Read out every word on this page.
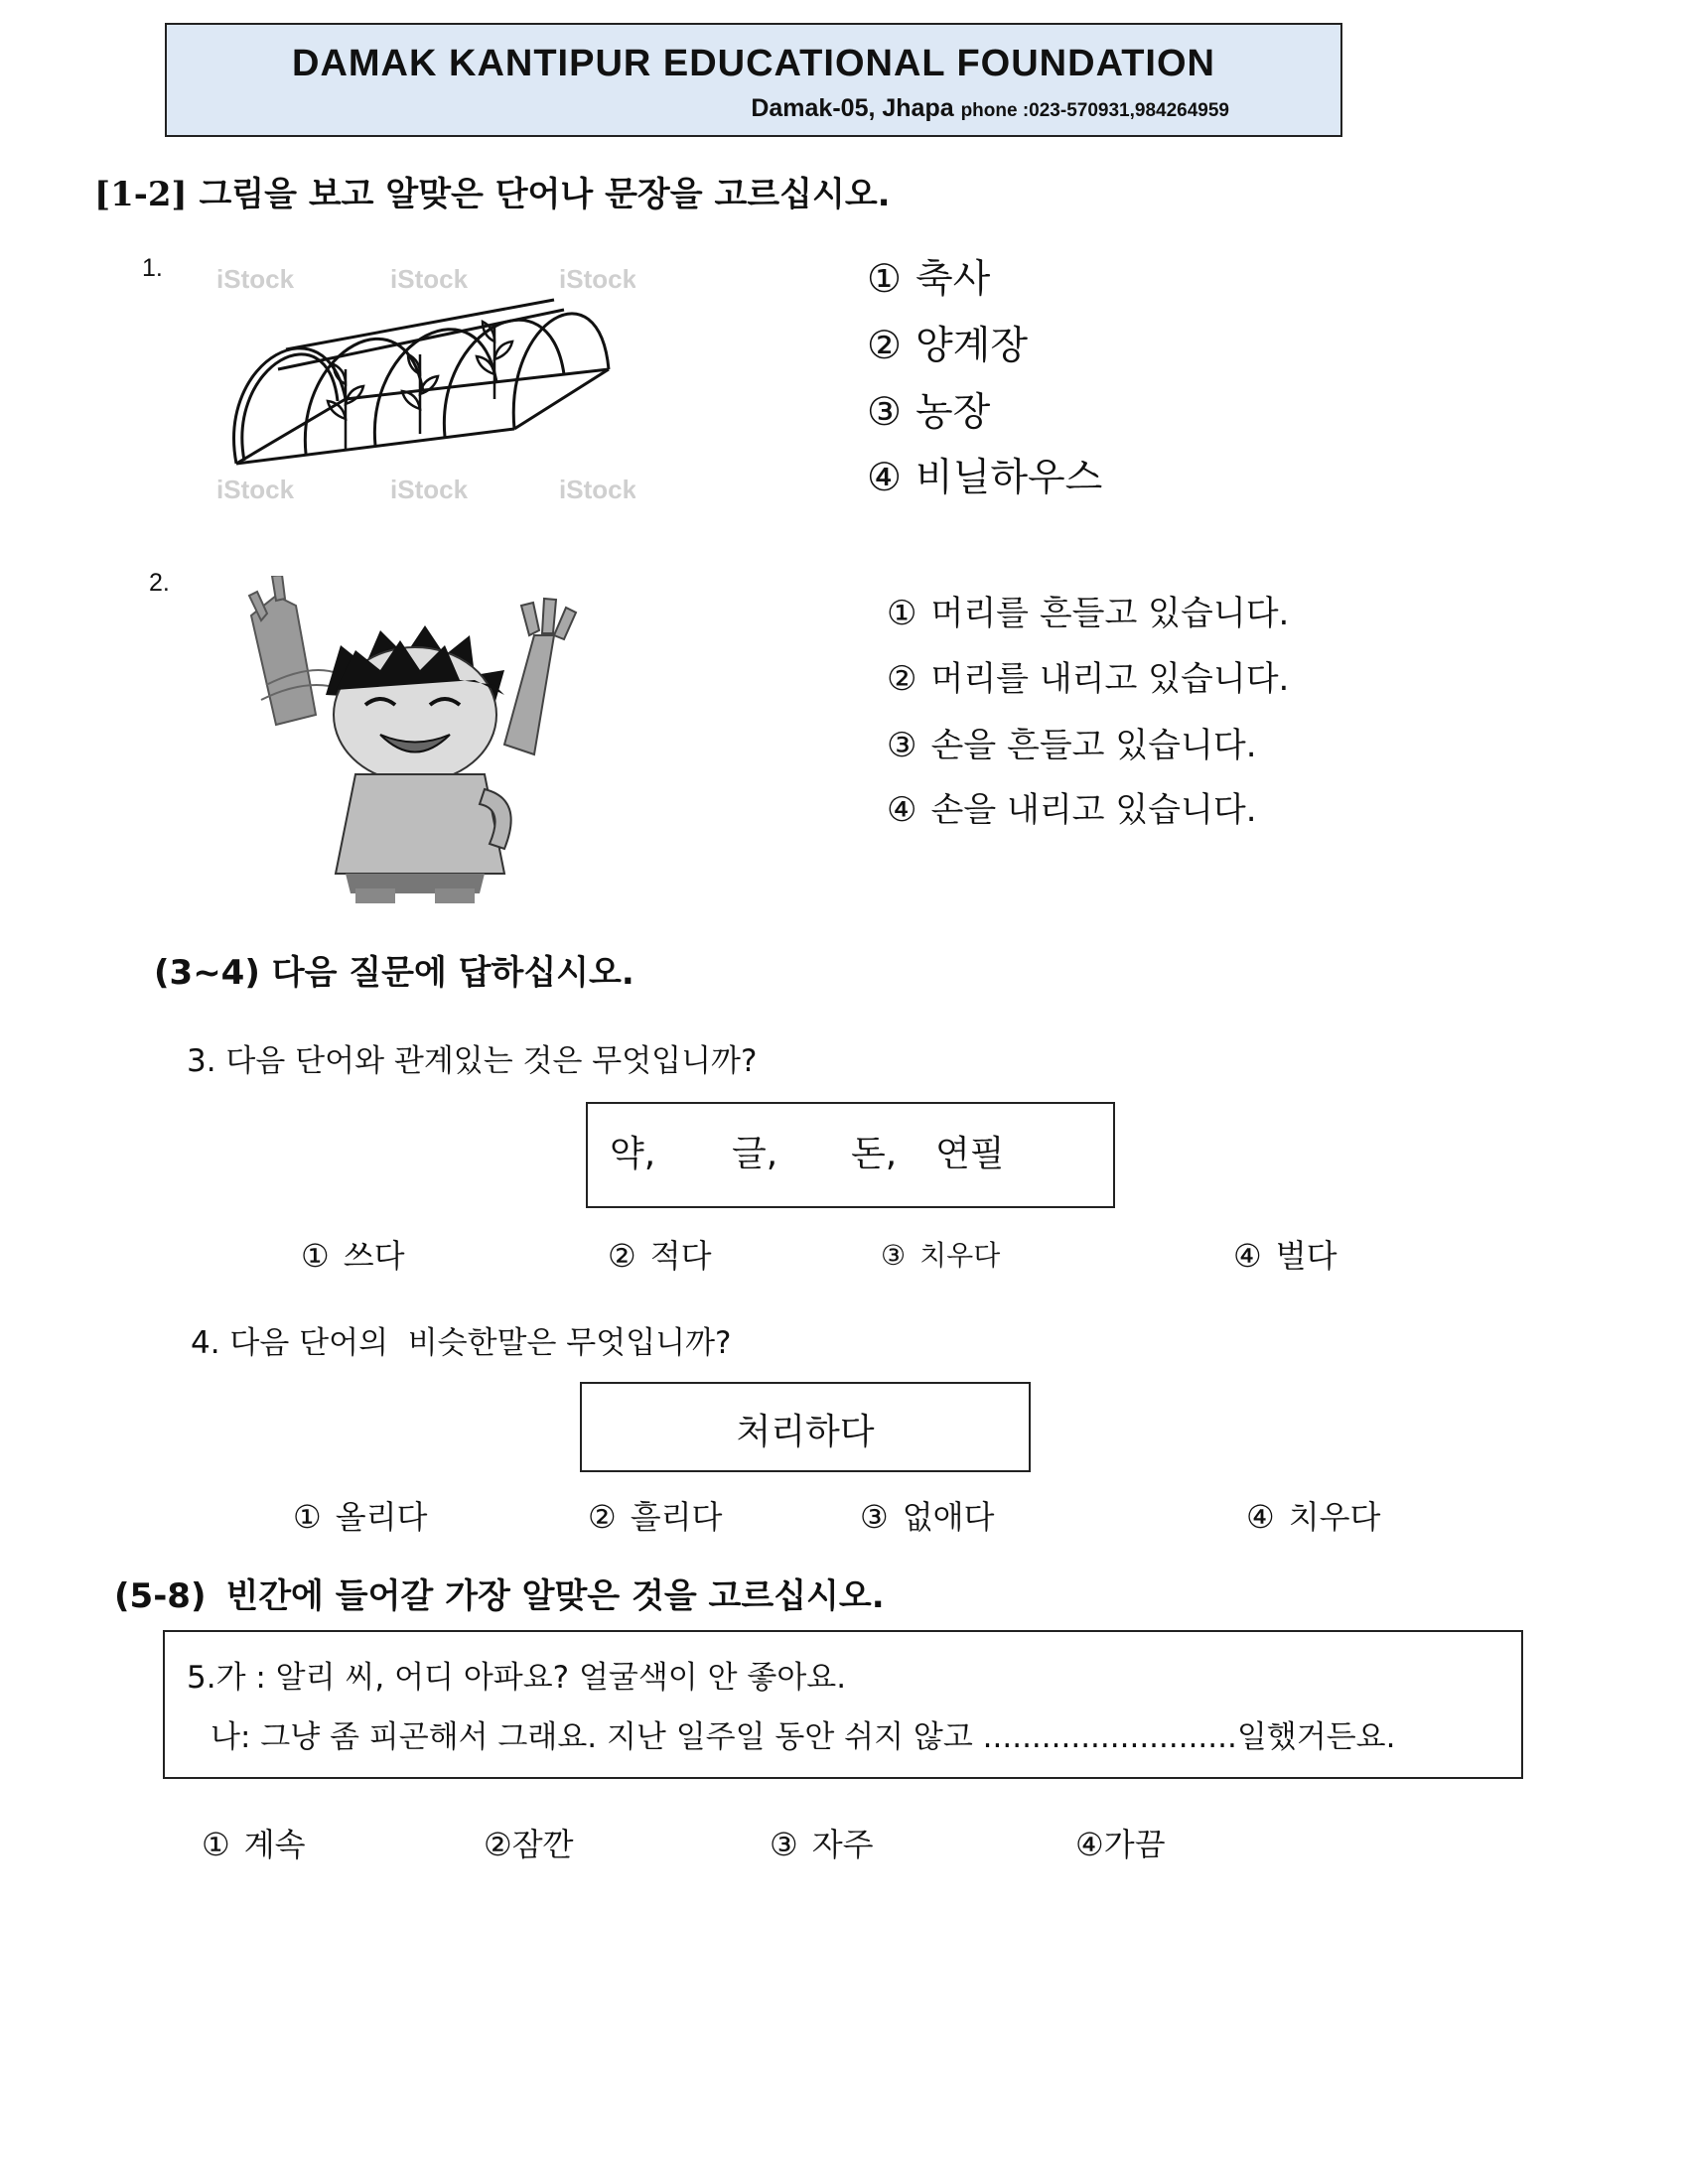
DAMAK KANTIPUR EDUCATIONAL FOUNDATION
Damak-05, Jhapa phone :023-570931,984264959
[1-2] 그림을 보고 알맞은 단어나 문장을 고르십시오.
1. iStock	iStock	iStock
iStock	iStock	iStock
① 축사
② 양계장
③ 농장
④ 비닐하우스
2.
① 머리를 흔들고 있습니다.
② 머리를 내리고 있습니다.
③ 손을 흔들고 있습니다.
④ 손을 내리고 있습니다.
(3~4) 다음 질문에 답하십시오.
3. 다음 단어와 관계있는 것은 무엇입니까?
약, 글, 돈, 연필
① 쓰다	② 적다	③ 치우다	④ 벌다
4. 다음 단어의  비슷한말은 무엇입니까?
처리하다
① 올리다	② 흘리다	③ 없애다	④ 치우다
(5-8) 빈간에 들어갈 가장 알맞은 것을 고르십시오.
5.가 : 알리 씨, 어디 아파요? 얼굴색이 안 좋아요.
나: 그냥 좀 피곤해서 그래요. 지난 일주일 동안 쉬지 않고 ..........................일했거든요.
① 계속	②잠깐	③ 자주	④가끔
